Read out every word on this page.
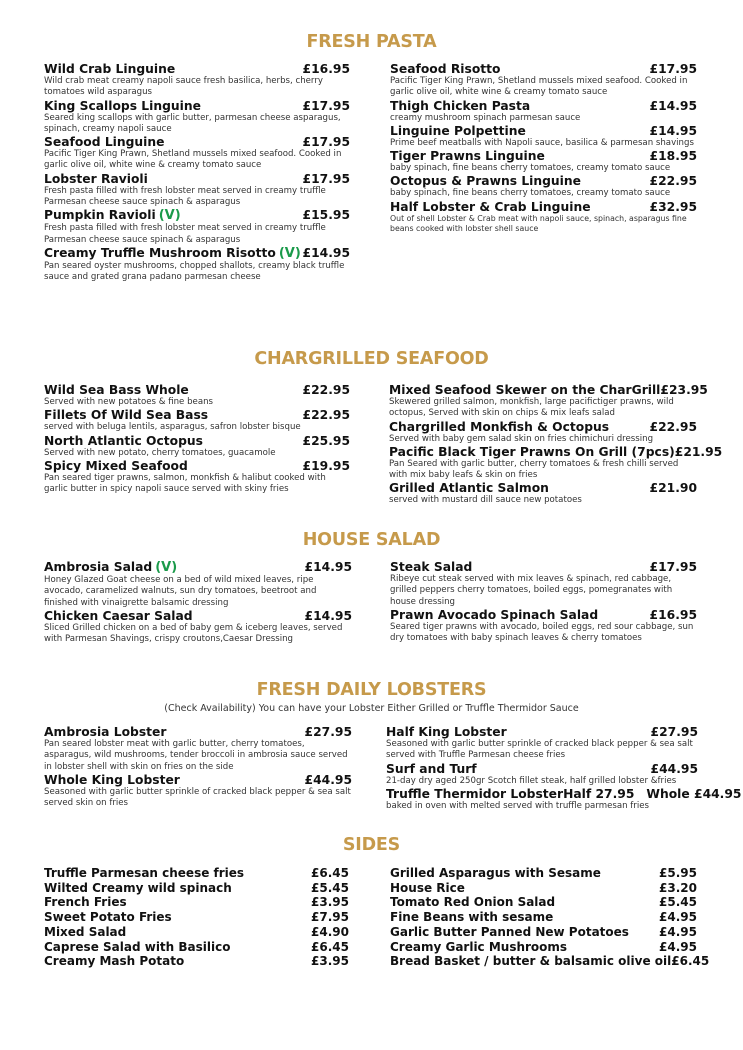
FRESH PASTA
Wild Crab Linguine	£16.95
Wild crab meat creamy napoli sauce fresh basilica, herbs, cherry tomatoes wild asparagus
King Scallops Linguine	£17.95
Seared king scallops with garlic butter, parmesan cheese asparagus, spinach, creamy napoli sauce
Seafood Linguine	£17.95
Pacific Tiger King Prawn, Shetland mussels mixed seafood. Cooked in garlic olive oil, white wine & creamy tomato sauce
Lobster Ravioli	£17.95
Fresh pasta filled with fresh lobster meat served in creamy truffle Parmesan cheese sauce spinach & asparagus
Pumpkin Ravioli (V)	£15.95
Fresh pasta filled with fresh lobster meat served in creamy truffle Parmesan cheese sauce spinach & asparagus
Creamy Truffle Mushroom Risotto (V) £14.95
Pan seared oyster mushrooms, chopped shallots, creamy black truffle sauce and grated grana padano parmesan cheese
Seafood Risotto	£17.95
Pacific Tiger King Prawn, Shetland mussels mixed seafood. Cooked in garlic olive oil, white wine & creamy tomato sauce
Thigh Chicken Pasta	£14.95
creamy mushroom spinach parmesan sauce
Linguine Polpettine	£14.95
Prime beef meatballs with Napoli sauce, basilica & parmesan shavings
Tiger Prawns Linguine	£18.95
baby spinach, fine beans cherry tomatoes, creamy tomato sauce
Octopus & Prawns Linguine	£22.95
baby spinach, fine beans cherry tomatoes, creamy tomato sauce
Half Lobster & Crab Linguine	£32.95
Out of shell Lobster & Crab meat with napoli sauce, spinach, asparagus fine beans cooked with lobster shell sauce
CHARGRILLED SEAFOOD
Wild Sea Bass Whole	£22.95
Served with new potatoes & fine beans
Fillets Of Wild Sea Bass	£22.95
served with beluga lentils, asparagus, safron lobster bisque
North Atlantic Octopus	£25.95
Served with new potato, cherry tomatoes, guacamole
Spicy Mixed Seafood	£19.95
Pan seared tiger prawns, salmon, monkfish & halibut cooked with garlic butter in spicy napoli sauce served with skiny fries
Mixed Seafood Skewer on the CharGrill £23.95
Skewered grilled salmon, monkfish, large pacifictiger prawns, wild octopus, Served with skin on chips & mix leafs salad
Chargrilled Monkfish & Octopus	£22.95
Served with baby gem salad skin on fries chimichuri dressing
Pacific Black Tiger Prawns On Grill (7pcs) £21.95
Pan Seared with garlic butter, cherry tomatoes & fresh chilli served with mix baby leafs & skin on fries
Grilled Atlantic Salmon	£21.90
served with mustard dill sauce new potatoes
HOUSE SALAD
Ambrosia Salad (V)	£14.95
Honey Glazed Goat cheese on a bed of wild mixed leaves, ripe avocado, caramelized walnuts, sun dry tomatoes, beetroot and finished with vinaigrette balsamic dressing
Chicken Caesar Salad	£14.95
Sliced Grilled chicken on a bed of baby gem & iceberg leaves, served with Parmesan Shavings, crispy croutons,Caesar Dressing
Steak Salad	£17.95
Ribeye cut steak served with mix leaves & spinach, red cabbage, grilled peppers cherry tomatoes, boiled eggs, pomegranates with house dressing
Prawn Avocado Spinach Salad	£16.95
Seared tiger prawns with avocado, boiled eggs, red sour cabbage, sun dry tomatoes with baby spinach leaves & cherry tomatoes
FRESH DAILY LOBSTERS
(Check Availability) You can have your Lobster Either Grilled or Truffle Thermidor Sauce
Ambrosia Lobster	£27.95
Pan seared lobster meat with garlic butter, cherry tomatoes, asparagus, wild mushrooms, tender broccoli in ambrosia sauce served in lobster shell with skin on fries on the side
Whole King Lobster	£44.95
Seasoned with garlic butter sprinkle of cracked black pepper & sea salt served skin on fries
Half King Lobster	£27.95
Seasoned with garlic butter sprinkle of cracked black pepper & sea salt served with Truffle Parmesan cheese fries
Surf and Turf	£44.95
21-day dry aged 250gr Scotch fillet steak, half grilled lobster &fries
Truffle Thermidor Lobster Half 27.95 Whole £44.95
baked in oven with melted served with truffle parmesan fries
SIDES
Truffle Parmesan cheese fries	£6.45
Wilted Creamy wild spinach	£5.45
French Fries	£3.95
Sweet Potato Fries	£7.95
Mixed Salad	£4.90
Caprese Salad with Basilico	£6.45
Creamy Mash Potato	£3.95
Grilled Asparagus with Sesame	£5.95
House Rice	£3.20
Tomato Red Onion Salad	£5.45
Fine Beans with sesame	£4.95
Garlic Butter Panned New Potatoes	£4.95
Creamy Garlic Mushrooms	£4.95
Bread Basket / butter & balsamic olive oil £6.45
